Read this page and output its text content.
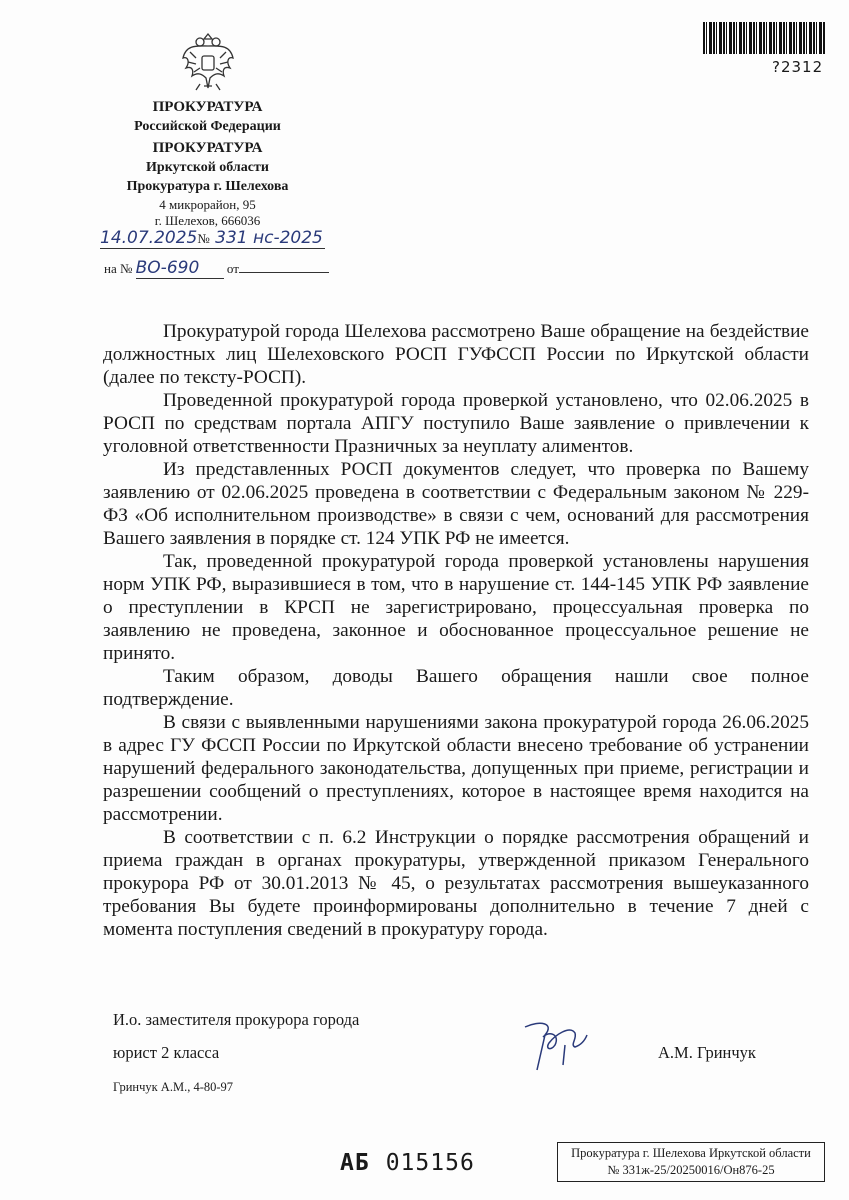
?2312
ПРОКУРАТУРА
Российской Федерации
ПРОКУРАТУРА
Иркутской области
Прокуратура г. Шелехова
4 микрорайон, 95
г. Шелехов, 666036
14.07.2025№ 331 нс-2025
на № ВО-690 от

Прокуратурой города Шелехова рассмотрено Ваше обращение на бездействие должностных лиц Шелеховского РОСП ГУФССП России по Иркутской области (далее по тексту-РОСП).

Проведенной прокуратурой города проверкой установлено, что 02.06.2025 в РОСП по средствам портала АПГУ поступило Ваше заявление о привлечении к уголовной ответственности Празничных за неуплату алиментов.

Из представленных РОСП документов следует, что проверка по Вашему заявлению от 02.06.2025 проведена в соответствии с Федеральным законом № 229-ФЗ «Об исполнительном производстве» в связи с чем, оснований для рассмотрения Вашего заявления в порядке ст. 124 УПК РФ не имеется.

Так, проведенной прокуратурой города проверкой установлены нарушения норм УПК РФ, выразившиеся в том, что в нарушение ст. 144-145 УПК РФ заявление о преступлении в КРСП не зарегистрировано, процессуальная проверка по заявлению не проведена, законное и обоснованное процессуальное решение не принято.

Таким образом, доводы Вашего обращения нашли свое полное подтверждение.

В связи с выявленными нарушениями закона прокуратурой города 26.06.2025 в адрес ГУ ФССП России по Иркутской области внесено требование об устранении нарушений федерального законодательства, допущенных при приеме, регистрации и разрешении сообщений о преступлениях, которое в настоящее время находится на рассмотрении.

В соответствии с п. 6.2 Инструкции о порядке рассмотрения обращений и приема граждан в органах прокуратуры, утвержденной приказом Генерального прокурора РФ от 30.01.2013 № 45, о результатах рассмотрения вышеуказанного требования Вы будете проинформированы дополнительно в течение 7 дней с момента поступления сведений в прокуратуру города.

И.о. заместителя прокурора города
юрист 2 класса	А.М. Гринчук
Гринчук А.М., 4-80-97
АБ 015156	Прокуратура г. Шелехова Иркутской области
№ 331ж-25/20250016/Он876-25
